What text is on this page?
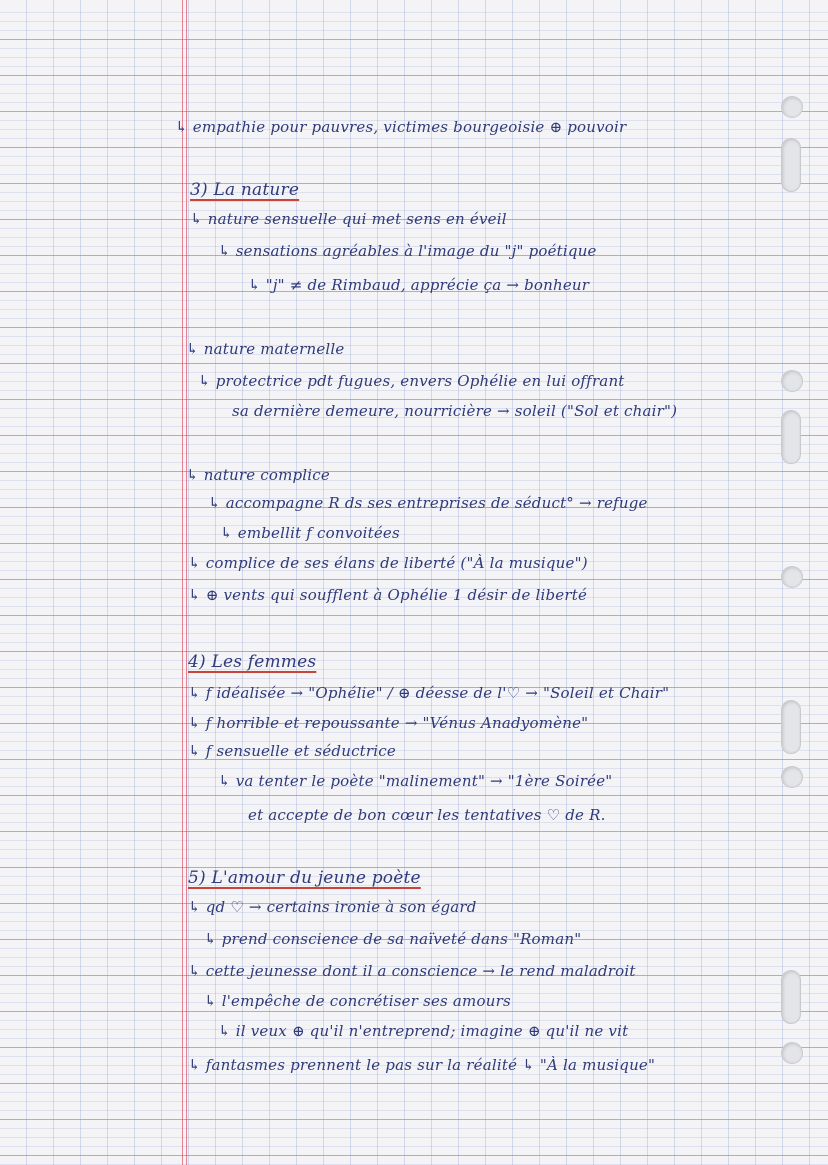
↳ empathie pour pauvres, victimes bourgeoisie ⊕ pouvoir
3) La nature
↳ nature sensuelle qui met sens en éveil
↳ sensations agréables à l'image du "j" poétique
↳ "j" ≠ de Rimbaud, apprécie ça → bonheur
↳ nature maternelle
↳ protectrice pdt fugues, envers Ophélie en lui offrant
sa dernière demeure, nourricière → soleil ("Sol et chair")
↳ nature complice
↳ accompagne R ds ses entreprises de séduct° → refuge
↳ embellit f convoitées
↳ complice de ses élans de liberté ("À la musique")
↳ ⊕ vents qui soufflent à Ophélie 1 désir de liberté
4) Les femmes
↳ f idéalisée → "Ophélie" / ⊕ déesse de l'♡ → "Soleil et Chair"
↳ f horrible et repoussante → "Vénus Anadyomène"
↳ f sensuelle et séductrice
↳ va tenter le poète "malinement" → "1ère Soirée"
et accepte de bon cœur les tentatives ♡ de R.
5) L'amour du jeune poète
↳ qd ♡ → certains ironie à son égard
↳ prend conscience de sa naïveté dans "Roman"
↳ cette jeunesse dont il a conscience → le rend maladroit
↳ l'empêche de concrétiser ses amours
↳ il veux ⊕ qu'il n'entreprend; imagine ⊕ qu'il ne vit
↳ fantasmes prennent le pas sur la réalité ↳ "À la musique"
